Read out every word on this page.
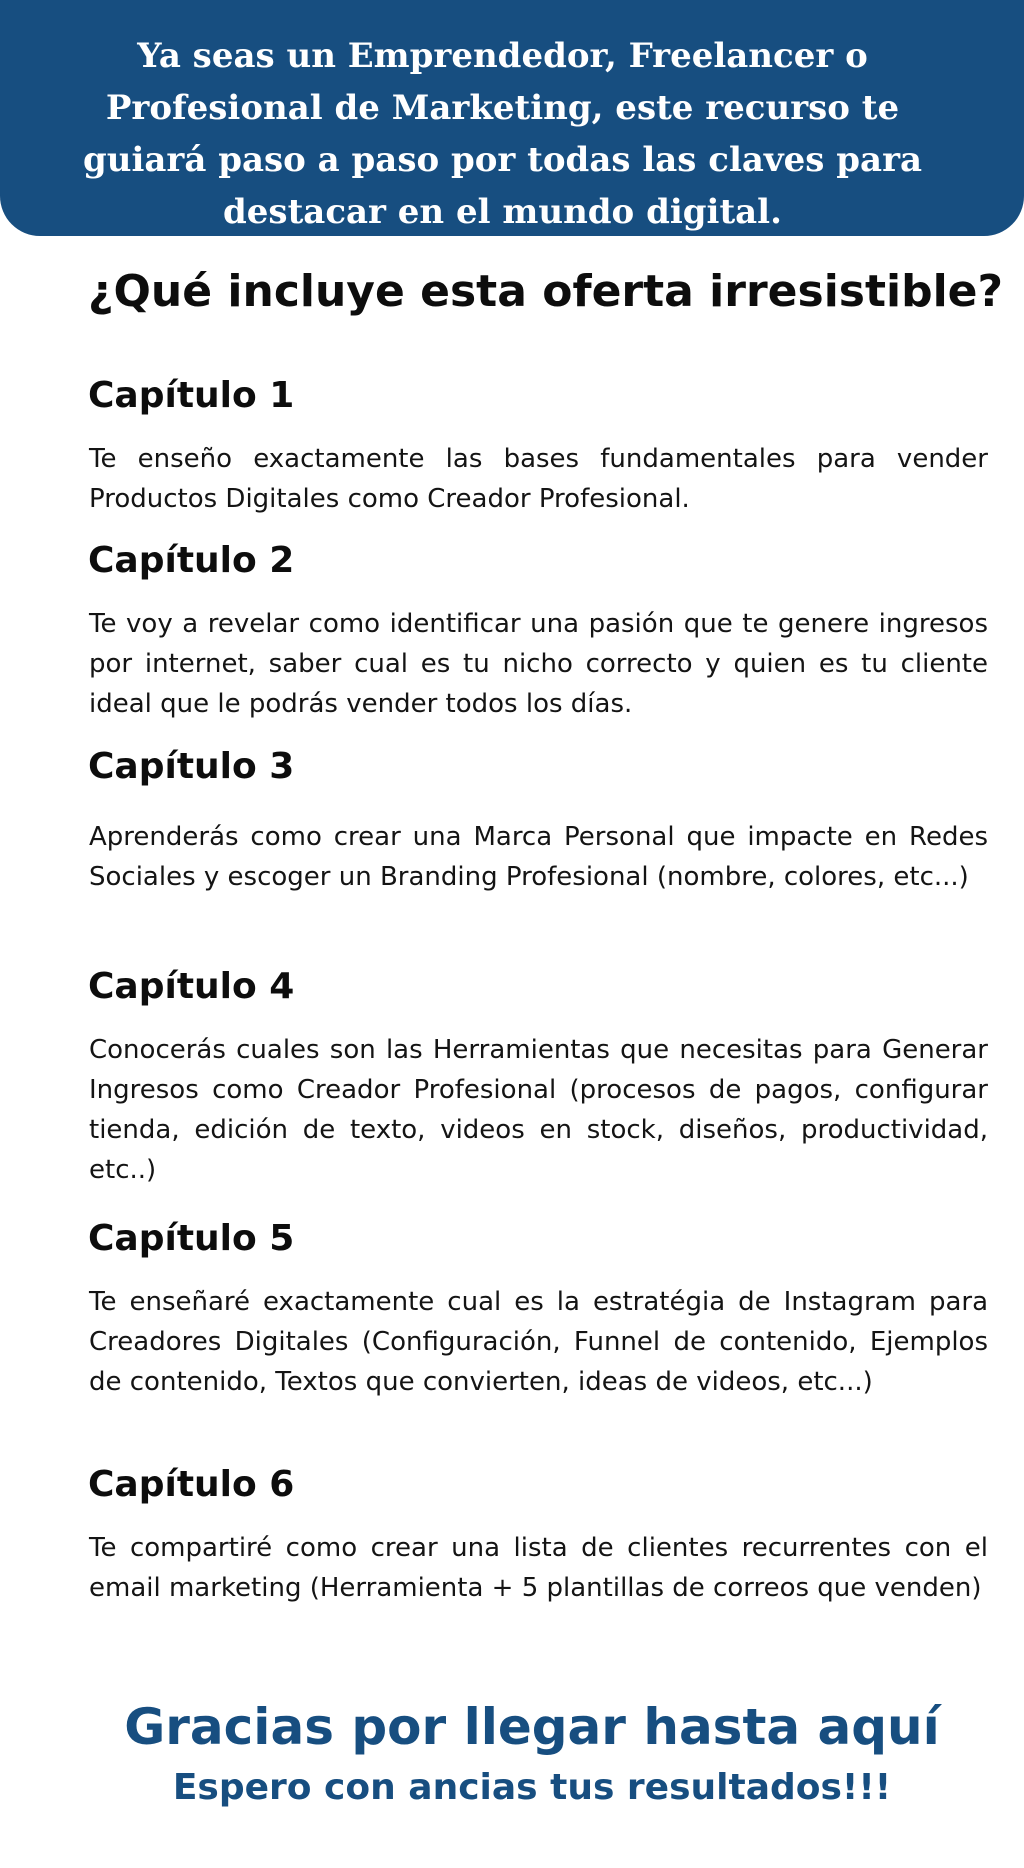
Ya seas un Emprendedor, Freelancer o Profesional de Marketing, este recurso te guiará paso a paso por todas las claves para destacar en el mundo digital.

¿Qué incluye esta oferta irresistible?
Capítulo 1

Te enseño exactamente las bases fundamentales para vender Productos Digitales como Creador Profesional.

Capítulo 2

Te voy a revelar como identificar una pasión que te genere ingresos por internet, saber cual es tu nicho correcto y quien es tu cliente ideal que le podrás vender todos los días.

Capítulo 3

Aprenderás como crear una Marca Personal que impacte en Redes Sociales y escoger un Branding Profesional (nombre, colores, etc...)

Capítulo 4

Conocerás cuales son las Herramientas que necesitas para Generar Ingresos como Creador Profesional (procesos de pagos, configurar tienda, edición de texto, videos en stock, diseños, productividad, etc..)

Capítulo 5

Te enseñaré exactamente cual es la estratégia de Instagram para Creadores Digitales (Configuración, Funnel de contenido, Ejemplos de contenido, Textos que convierten, ideas de videos, etc...)

Capítulo 6

Te compartiré como crear una lista de clientes recurrentes con el email marketing (Herramienta + 5 plantillas de correos que venden)

Gracias por llegar hasta aquí

Espero con ancias tus resultados!!!
